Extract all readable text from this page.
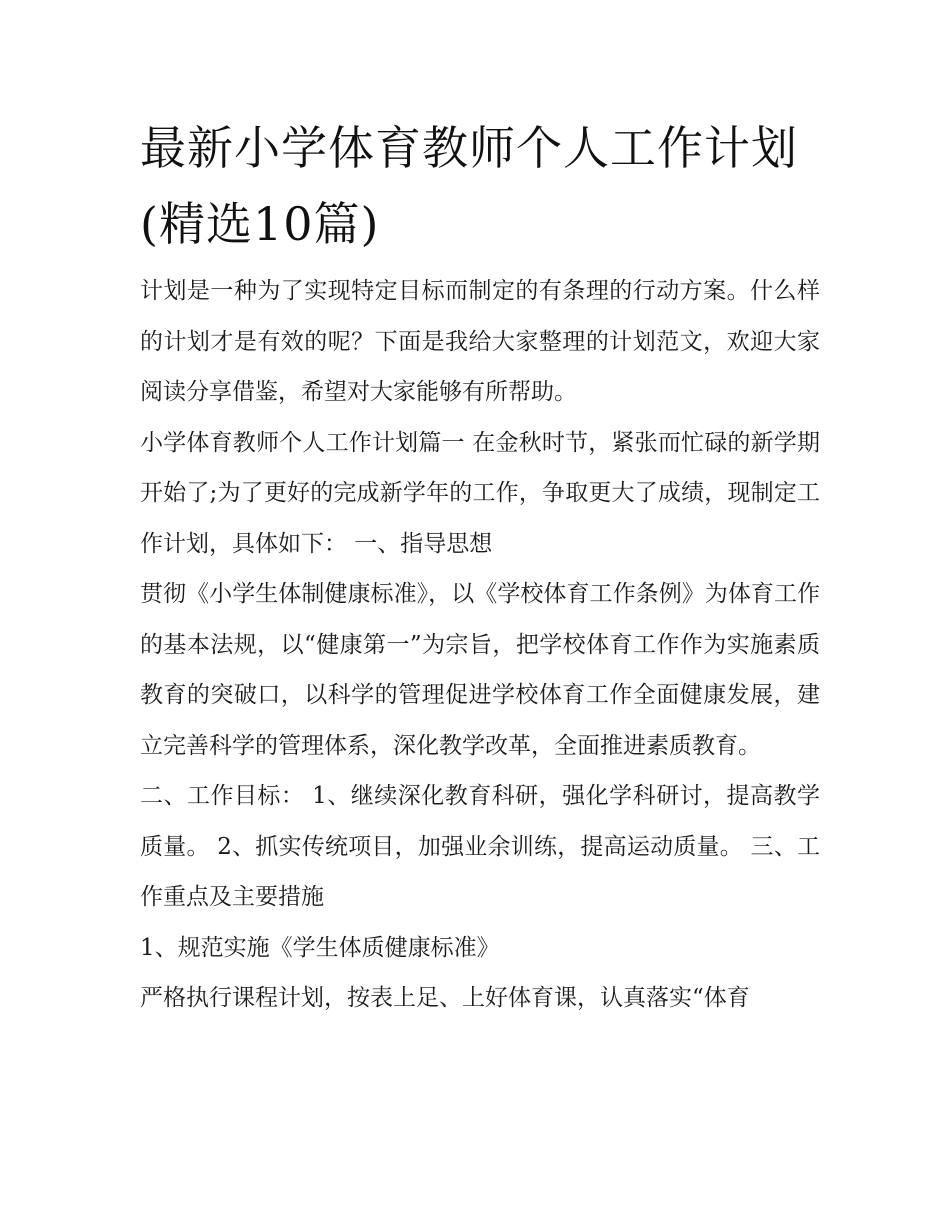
最新小学体育教师个人工作计划(精选10篇)

计划是一种为了实现特定目标而制定的有条理的行动方案。什么样的计划才是有效的呢？下面是我给大家整理的计划范文，欢迎大家阅读分享借鉴，希望对大家能够有所帮助。

小学体育教师个人工作计划篇一 在金秋时节，紧张而忙碌的新学期开始了;为了更好的完成新学年的工作，争取更大了成绩，现制定工作计划，具体如下： 一、指导思想

贯彻《小学生体制健康标准》，以《学校体育工作条例》为体育工作的基本法规，以“健康第一”为宗旨，把学校体育工作作为实施素质教育的突破口，以科学的管理促进学校体育工作全面健康发展，建立完善科学的管理体系，深化教学改革，全面推进素质教育。

二、工作目标： 1、继续深化教育科研，强化学科研讨，提高教学质量。 2、抓实传统项目，加强业余训练，提高运动质量。 三、工作重点及主要措施

1、规范实施《学生体质健康标准》

严格执行课程计划，按表上足、上好体育课，认真落实“体育
